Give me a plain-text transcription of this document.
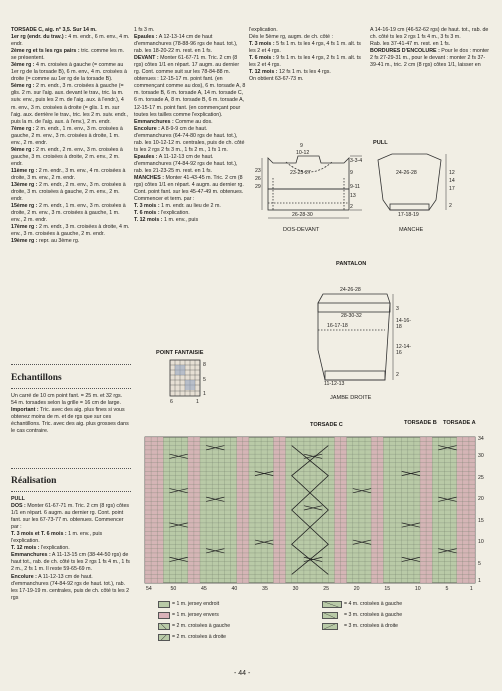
TORSADE C, aig. n° 3,5. Sur 14 m.

1er rg (endr. du trav.) : 4 m. endr., 6 m. env., 4 m. endr.

2ème rg et ts les rgs pairs : tric. comme les m. se présentent.

3ème rg : 4 m. croisées à gauche (= comme au 1er rg de la torsade B), 6 m. env., 4 m. croisées à droite (= comme au 1er rg de la torsade B).

5ème rg : 2 m. endr., 3 m. croisées à gauche (= glis. 2 m. sur l'aig. aux. devant le trav., tric. la m. suiv. env., puis les 2 m. de l'aig. aux. à l'endr.), 4 m. env., 3 m. croisées à droite (= glis. 1 m. sur l'aig. aux. derrière le trav., tric. les 2 m. suiv. endr., puis la m. de l'aig. aux. à l'env.), 2 m. endr.

7ème rg : 2 m. endr., 1 m. env., 3 m. croisées à gauche, 2 m. env., 3 m. croisées à droite, 1 m. env., 2 m. endr.

9ème rg : 2 m. endr., 2 m. env., 3 m. croisées à gauche, 3 m. croisées à droite, 2 m. env., 2 m. endr.

11ème rg : 2 m. endr., 3 m. env., 4 m. croisées à droite, 3 m. env., 2 m. endr.

13ème rg : 2 m. endr., 2 m. env., 3 m. croisées à droite, 3 m. croisées à gauche, 2 m. env., 2 m. endr.

15ème rg : 2 m. endr., 1 m. env., 3 m. croisées à droite, 2 m. env., 3 m. croisées à gauche, 1 m. env., 2 m. endr.

17ème rg : 2 m. endr., 3 m. croisées à droite, 4 m. env., 3 m. croisées à gauche, 2 m. endr.

19ème rg : repr. au 3ème rg.

Echantillons

Un carré de 10 cm point fant. = 25 m. et 32 rgs.

54 m. torsades selon la grille = 16 cm de large.

Important : Tric. avec des aig. plus fines si vous obtenez moins de m. et de rgs que sur ces échantillons. Tric. avec des aig. plus grosses dans le cas contraire.

Réalisation

PULL

DOS : Monter 61-67-71 m. Tric. 2 cm (8 rgs) côtes 1/1 en répart. 6 augm. au dernier rg. Cont. point fant. sur les 67-73-77 m. obtenues. Commencer par :

T. 3 mois et T. 6 mois : 1 m. env., puis l'explication.

T. 12 mois : l'explication.

Emmanchures : A 11-13-15 cm (38-44-50 rgs) de haut tot., rab. de ch. côté ts les 2 rgs 1 fs 4 m., 1 fs 2 m., 2 fs 1 m. Il reste 59-65-69 m.

Encolure : A 11-12-13 cm de haut. d'emmanchures (74-84-92 rgs de haut. tot.), rab. les 17-19-19 m. centrales, puis de ch. côté ts les 2 rgs

1 fs 3 m.

Epaules : A 12-13-14 cm de haut d'emmanchures (78-88-96 rgs de haut. tot.), rab. les 18-20-22 m. rest. en 1 fs.

DEVANT : Monter 61-67-71 m. Tric. 2 cm (8 rgs) côtes 1/1 en répart. 17 augm. au dernier rg. Cont. comme suit sur les 78-84-88 m. obtenues : 12-15-17 m. point fant. (en commençant comme au dos), 6 m. torsade A, 8 m. torsade B, 6 m. torsade A, 14 m. torsade C, 6 m. torsade A, 8 m. torsade B, 6 m. torsade A, 12-15-17 m. point fant. (en commençant pour toutes les tailles comme l'explication).

Emmanchures : Comme au dos.

Encolure : A 8-9-9 cm de haut. d'emmanchures (64-74-80 rgs de haut. tot.), rab. les 10-12-12 m. centrales, puis de ch. côté ts les 2 rgs 2 fs 3 m., 1 fs 2 m., 1 fs 1 m.

Epaules : A 11-12-13 cm de haut. d'emmanchures (74-84-92 rgs de haut. tot.), rab. les 21-23-25 m. rest. en 1 fs.

MANCHES : Monter 41-43-45 m. Tric. 2 cm (8 rgs) côtes 1/1 en répart. 4 augm. au dernier rg. Cont. point fant. sur les 45-47-49 m. obtenues. Commencer et term. par :

T. 3 mois : 1 m. endr. au lieu de 2 m.

T. 6 mois : l'explication.

T. 12 mois : 1 m. env., puis

l'explication.

Dès le 5ème rg, augm. de ch. côté :

T. 3 mois : 5 fs 1 m. ts les 4 rgs, 4 fs 1 m. alt. ts les 2 et 4 rgs.

T. 6 mois : 9 fs 1 m. ts les 4 rgs, 2 fs 1 m. alt. ts les 2 et 4 rgs.

T. 12 mois : 12 fs 1 m. ts les 4 rgs.

On obtient 63-67-73 m.

A 14-16-19 cm (46-52-62 rgs) de haut. tot., rab. de ch. côté ts les 2 rgs 1 fs 4 m., 3 fs 3 m.

Rab. les 37-41-47 m. rest. en 1 fs.

BORDURES D'ENCOLURE : Pour le dos : monter 2 fs 27-29-31 m., pour le devant : monter 2 fs 37-39-41 m., tric. 2 cm (8 rgs) côtes 1/1, laisser en

PULL
9
10-12
23-25-27
3-3-4
9
9-11
13
2
23
26
29
26-28-30
DOS-DEVANT
24-26-28	12
14
17
2
17-18-19
MANCHE
PANTALON
24-26-28
3
28-30-32
14-16-18
16-17-18
12-14-16
11-12-13
2
JAMBE DROITE
POINT FANTAISIE
8
5
1
6	1
TORSADE C	TORSADE B TORSADE A
34
30
25
20
15
10
5
1
54	50	45	40	35	30	25	20	15	10	5	1
= 1 m. jersey endroit
= 1 m. jersey envers
= 2 m. croisées à gauche
= 2 m. croisées à droite
= 4 m. croisées à gauche
= 3 m. croisées à gauche
= 3 m. croisées à droite
- 44 -
